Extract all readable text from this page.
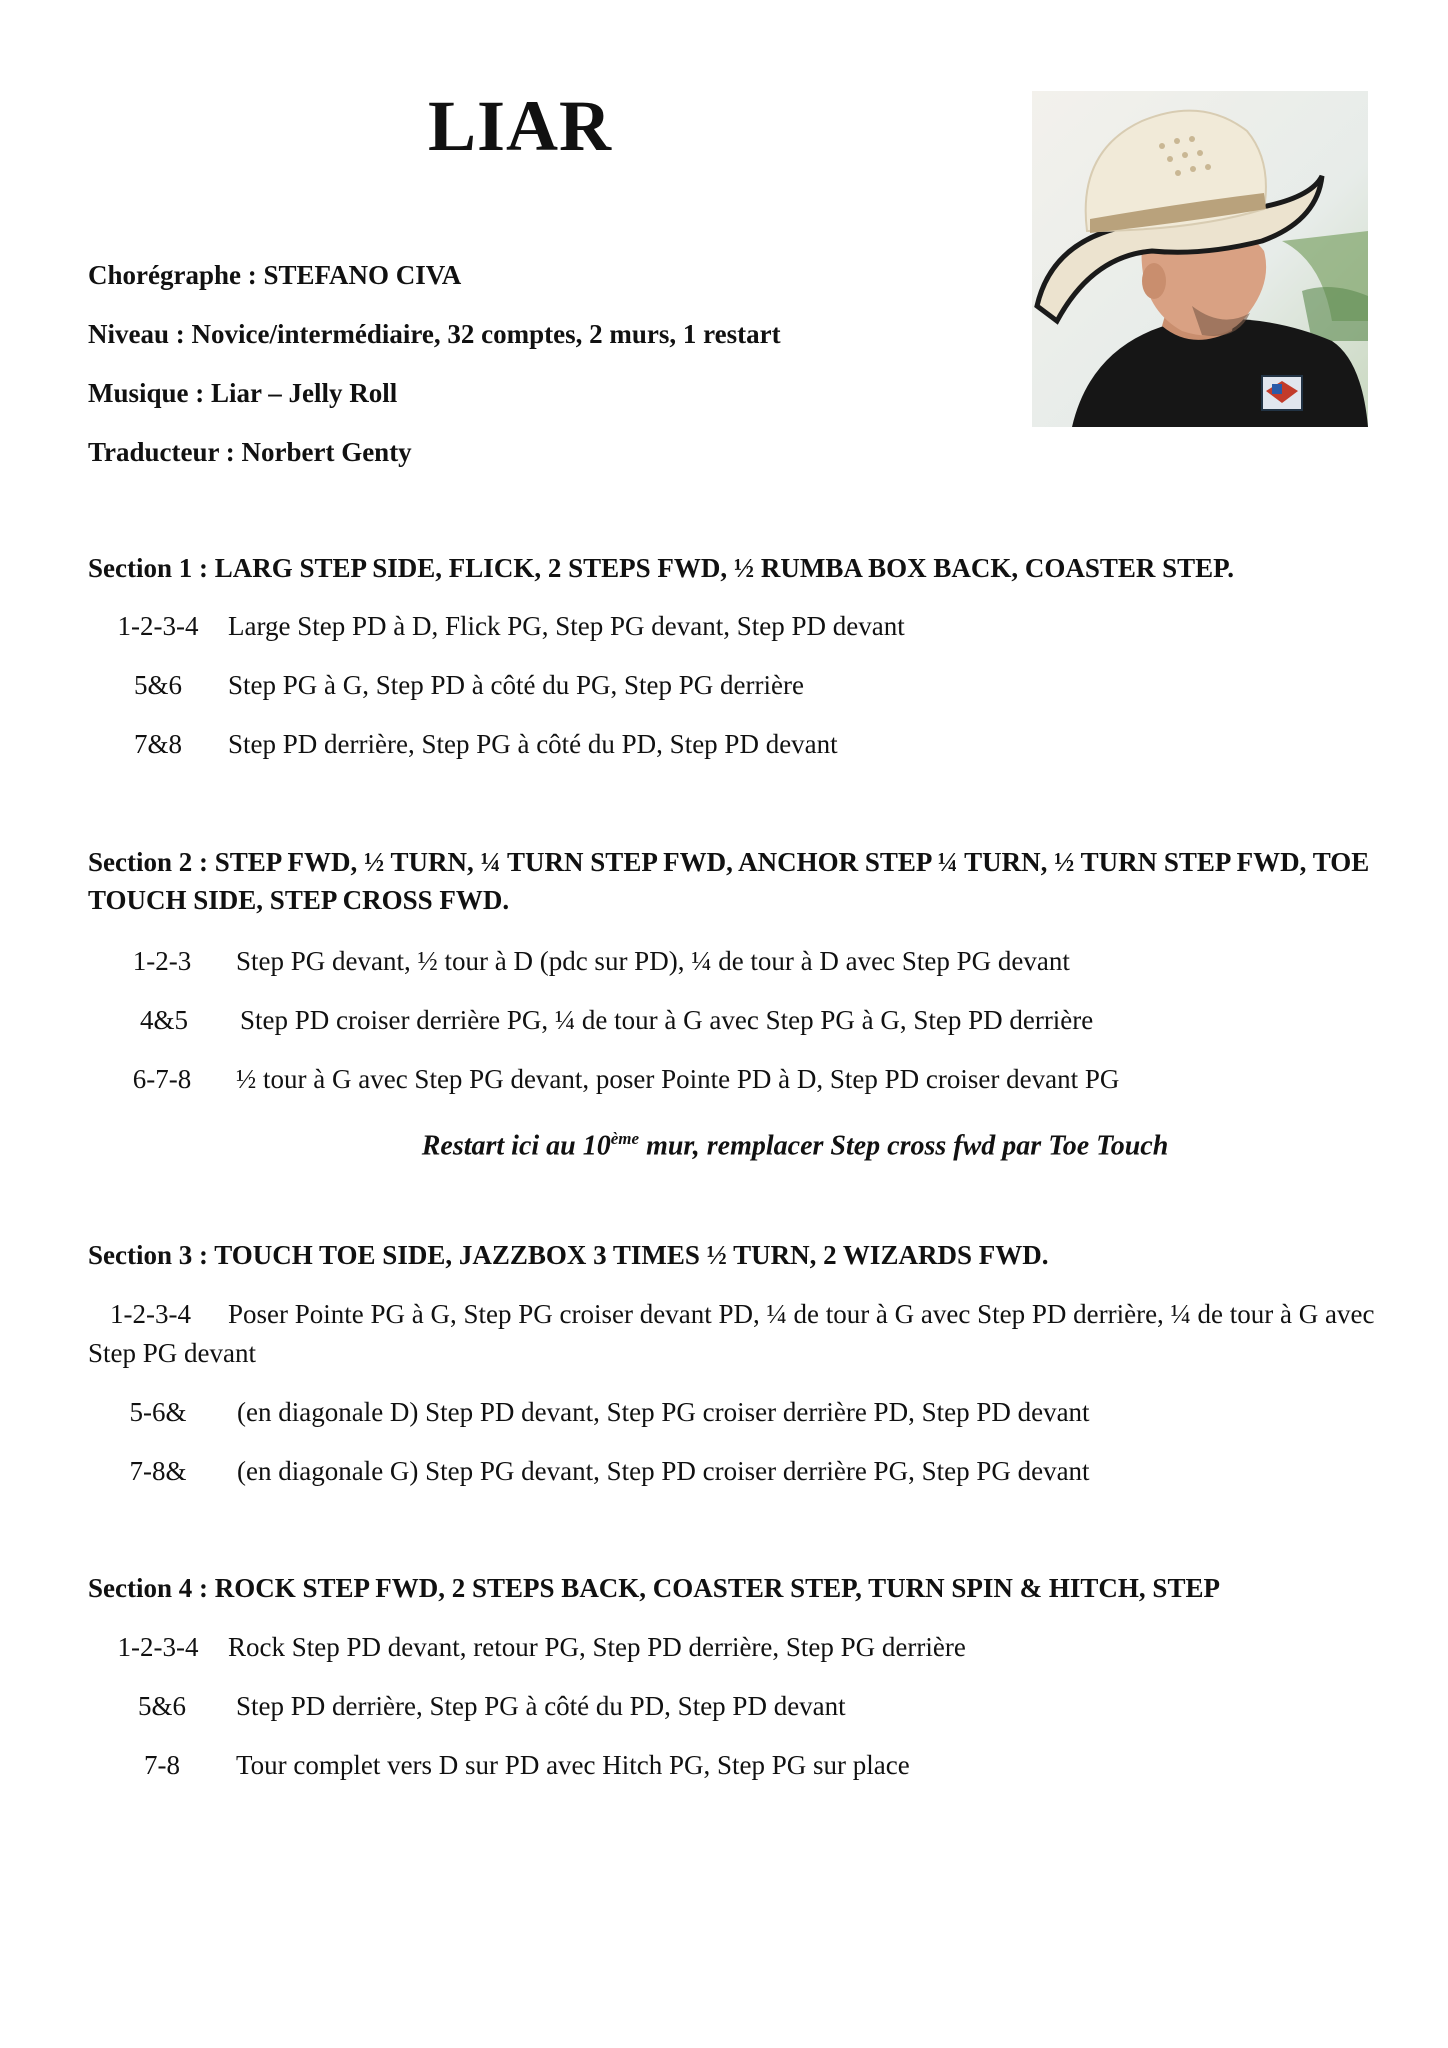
LIAR
Chorégraphe : STEFANO CIVA
Niveau : Novice/intermédiaire, 32 comptes, 2 murs, 1 restart
Musique : Liar – Jelly Roll
Traducteur : Norbert Genty
Section 1 : LARG STEP SIDE, FLICK, 2 STEPS FWD, ½ RUMBA BOX BACK, COASTER STEP.
1-2-3-4	Large Step PD à D, Flick PG, Step PG devant, Step PD devant
5&6	Step PG à G, Step PD à côté du PG, Step PG derrière
7&8	Step PD derrière, Step PG à côté du PD, Step PD devant
Section 2 : STEP FWD, ½ TURN, ¼ TURN STEP FWD, ANCHOR STEP ¼ TURN, ½ TURN STEP FWD, TOE TOUCH SIDE, STEP CROSS FWD.
1-2-3	Step PG devant, ½ tour à D (pdc sur PD), ¼ de tour à D avec Step PG devant
4&5	Step PD croiser derrière PG, ¼ de tour à G avec Step PG à G, Step PD derrière
6-7-8	½ tour à G avec Step PG devant, poser Pointe PD à D, Step PD croiser devant PG
Restart ici au 10ème mur, remplacer Step cross fwd par Toe Touch
Section 3 : TOUCH TOE SIDE, JAZZBOX 3 TIMES ½ TURN, 2 WIZARDS FWD.
1-2-3-4 Poser Pointe PG à G, Step PG croiser devant PD, ¼ de tour à G avec Step PD derrière, ¼ de tour à G avec Step PG devant
5-6&	(en diagonale D) Step PD devant, Step PG croiser derrière PD, Step PD devant
7-8&	(en diagonale G) Step PG devant, Step PD croiser derrière PG, Step PG devant
Section 4 : ROCK STEP FWD, 2 STEPS BACK, COASTER STEP, TURN SPIN & HITCH, STEP
1-2-3-4	Rock Step PD devant, retour PG, Step PD derrière, Step PG derrière
5&6	Step PD derrière, Step PG à côté du PD, Step PD devant
7-8	Tour complet vers D sur PD avec Hitch PG, Step PG sur place
